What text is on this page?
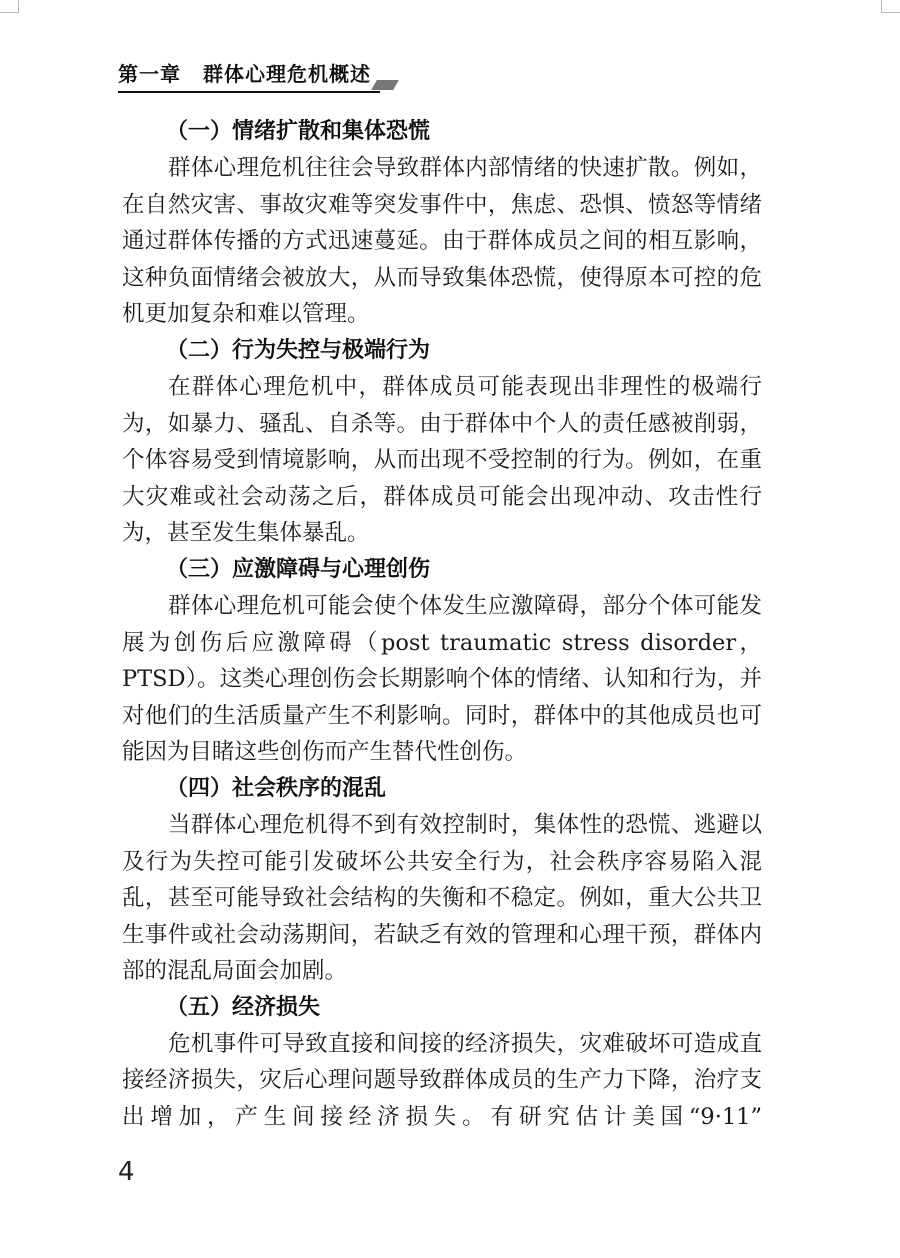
第一章 群体心理危机概述
（一）情绪扩散和集体恐慌

群体心理危机往往会导致群体内部情绪的快速扩散。例如，在自然灾害、事故灾难等突发事件中，焦虑、恐惧、愤怒等情绪通过群体传播的方式迅速蔓延。由于群体成员之间的相互影响，这种负面情绪会被放大，从而导致集体恐慌，使得原本可控的危机更加复杂和难以管理。

（二）行为失控与极端行为

在群体心理危机中，群体成员可能表现出非理性的极端行为，如暴力、骚乱、自杀等。由于群体中个人的责任感被削弱，个体容易受到情境影响，从而出现不受控制的行为。例如，在重大灾难或社会动荡之后，群体成员可能会出现冲动、攻击性行为，甚至发生集体暴乱。

（三）应激障碍与心理创伤

群体心理危机可能会使个体发生应激障碍，部分个体可能发展为创伤后应激障碍（post traumatic stress disorder，PTSD）。这类心理创伤会长期影响个体的情绪、认知和行为，并对他们的生活质量产生不利影响。同时，群体中的其他成员也可能因为目睹这些创伤而产生替代性创伤。

（四）社会秩序的混乱

当群体心理危机得不到有效控制时，集体性的恐慌、逃避以及行为失控可能引发破坏公共安全行为，社会秩序容易陷入混乱，甚至可能导致社会结构的失衡和不稳定。例如，重大公共卫生事件或社会动荡期间，若缺乏有效的管理和心理干预，群体内部的混乱局面会加剧。

（五）经济损失

危机事件可导致直接和间接的经济损失，灾难破坏可造成直接经济损失，灾后心理问题导致群体成员的生产力下降，治疗支出增加，产生间接经济损失。有研究估计美国“9·11”

4
